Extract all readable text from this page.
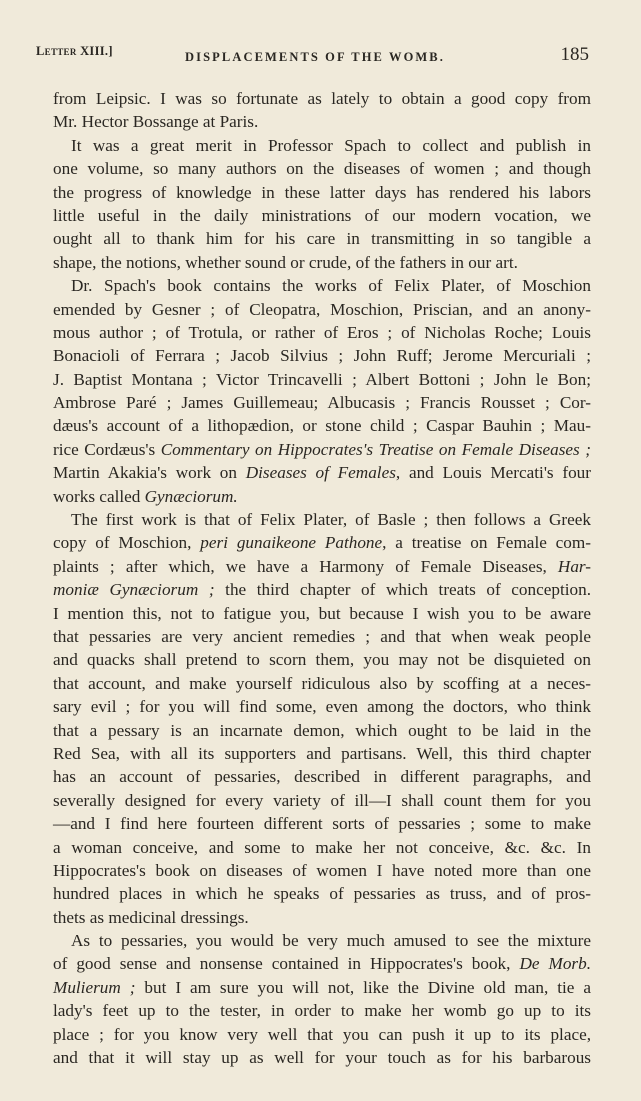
Letter XIII.]	DISPLACEMENTS OF THE WOMB.	185
from Leipsic. I was so fortunate as lately to obtain a good copy from
Mr. Hector Bossange at Paris.
It was a great merit in Professor Spach to collect and publish in
one volume, so many authors on the diseases of women ; and though
the progress of knowledge in these latter days has rendered his labors
little useful in the daily ministrations of our modern vocation, we
ought all to thank him for his care in transmitting in so tangible a
shape, the notions, whether sound or crude, of the fathers in our art.
Dr. Spach's book contains the works of Felix Plater, of Moschion
emended by Gesner ; of Cleopatra, Moschion, Priscian, and an anony-
mous author ; of Trotula, or rather of Eros ; of Nicholas Roche; Louis
Bonacioli of Ferrara ; Jacob Silvius ; John Ruff; Jerome Mercuriali ;
J. Baptist Montana ; Victor Trincavelli ; Albert Bottoni ; John le Bon;
Ambrose Paré ; James Guillemeau; Albucasis ; Francis Rousset ; Cor-
dæus's account of a lithopædion, or stone child ; Caspar Bauhin ; Mau-
rice Cordæus's Commentary on Hippocrates's Treatise on Female Diseases ;
Martin Akakia's work on Diseases of Females, and Louis Mercati's four
works called Gynæciorum.
The first work is that of Felix Plater, of Basle ; then follows a Greek
copy of Moschion, peri gunaikeone Pathone, a treatise on Female com-
plaints ; after which, we have a Harmony of Female Diseases, Har-
moniæ Gynæciorum ; the third chapter of which treats of conception.
I mention this, not to fatigue you, but because I wish you to be aware
that pessaries are very ancient remedies ; and that when weak people
and quacks shall pretend to scorn them, you may not be disquieted on
that account, and make yourself ridiculous also by scoffing at a neces-
sary evil ; for you will find some, even among the doctors, who think
that a pessary is an incarnate demon, which ought to be laid in the
Red Sea, with all its supporters and partisans. Well, this third chapter
has an account of pessaries, described in different paragraphs, and
severally designed for every variety of ill—I shall count them for you
—and I find here fourteen different sorts of pessaries ; some to make
a woman conceive, and some to make her not conceive, &c. &c. In
Hippocrates's book on diseases of women I have noted more than one
hundred places in which he speaks of pessaries as truss, and of pros-
thets as medicinal dressings.
As to pessaries, you would be very much amused to see the mixture
of good sense and nonsense contained in Hippocrates's book, De Morb.
Mulierum ; but I am sure you will not, like the Divine old man, tie a
lady's feet up to the tester, in order to make her womb go up to its
place ; for you know very well that you can push it up to its place,
and that it will stay up as well for your touch as for his barbarous
